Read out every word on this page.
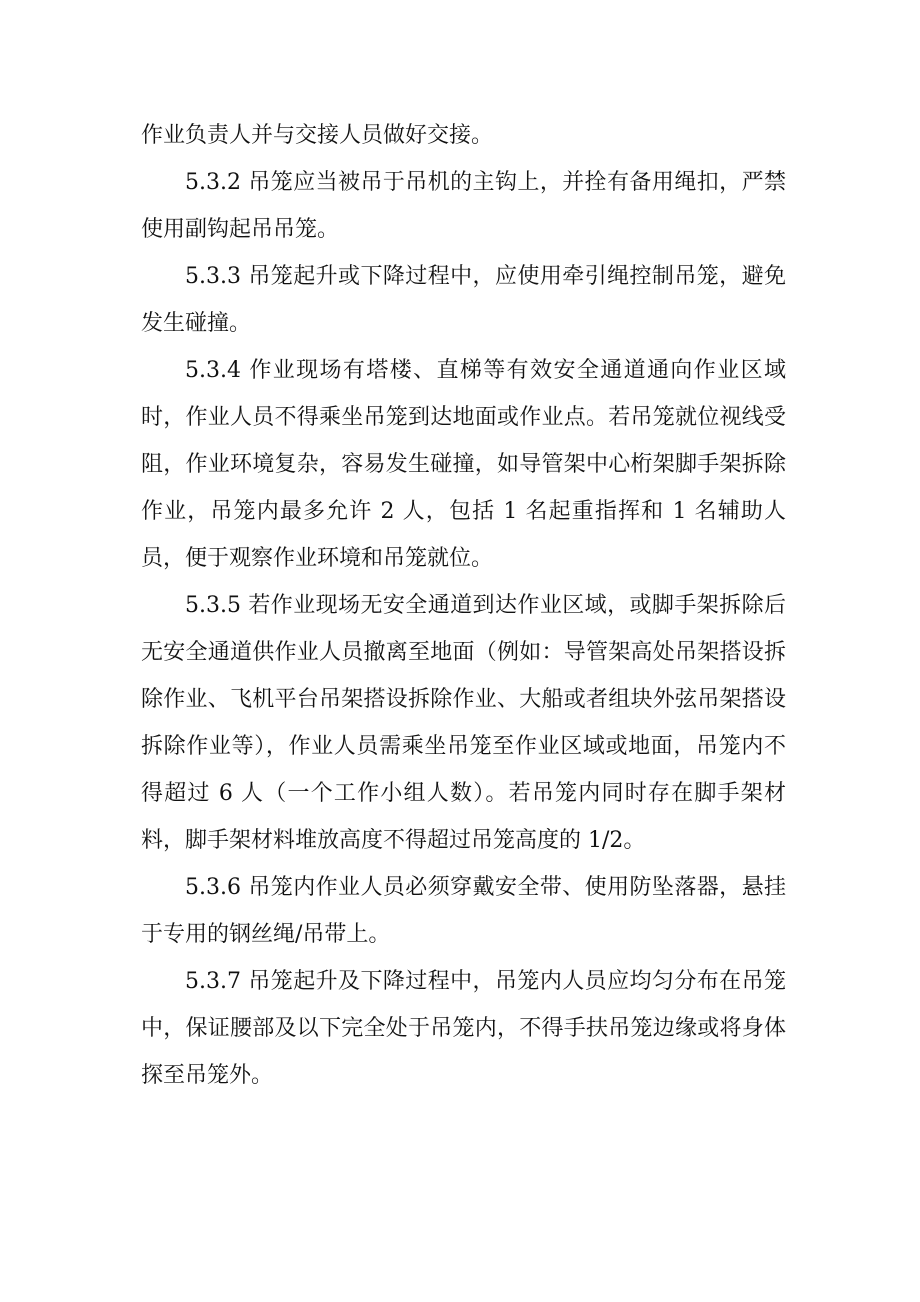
作业负责人并与交接人员做好交接。

5.3.2 吊笼应当被吊于吊机的主钩上，并拴有备用绳扣，严禁使用副钩起吊吊笼。

5.3.3 吊笼起升或下降过程中，应使用牵引绳控制吊笼，避免发生碰撞。

5.3.4 作业现场有塔楼、直梯等有效安全通道通向作业区域时，作业人员不得乘坐吊笼到达地面或作业点。若吊笼就位视线受阻，作业环境复杂，容易发生碰撞，如导管架中心桁架脚手架拆除作业，吊笼内最多允许 2 人，包括 1 名起重指挥和 1 名辅助人员，便于观察作业环境和吊笼就位。

5.3.5 若作业现场无安全通道到达作业区域，或脚手架拆除后无安全通道供作业人员撤离至地面（例如：导管架高处吊架搭设拆除作业、飞机平台吊架搭设拆除作业、大船或者组块外弦吊架搭设拆除作业等），作业人员需乘坐吊笼至作业区域或地面，吊笼内不得超过 6 人（一个工作小组人数）。若吊笼内同时存在脚手架材料，脚手架材料堆放高度不得超过吊笼高度的 1/2。

5.3.6 吊笼内作业人员必须穿戴安全带、使用防坠落器，悬挂于专用的钢丝绳/吊带上。

5.3.7 吊笼起升及下降过程中，吊笼内人员应均匀分布在吊笼中，保证腰部及以下完全处于吊笼内，不得手扶吊笼边缘或将身体探至吊笼外。
